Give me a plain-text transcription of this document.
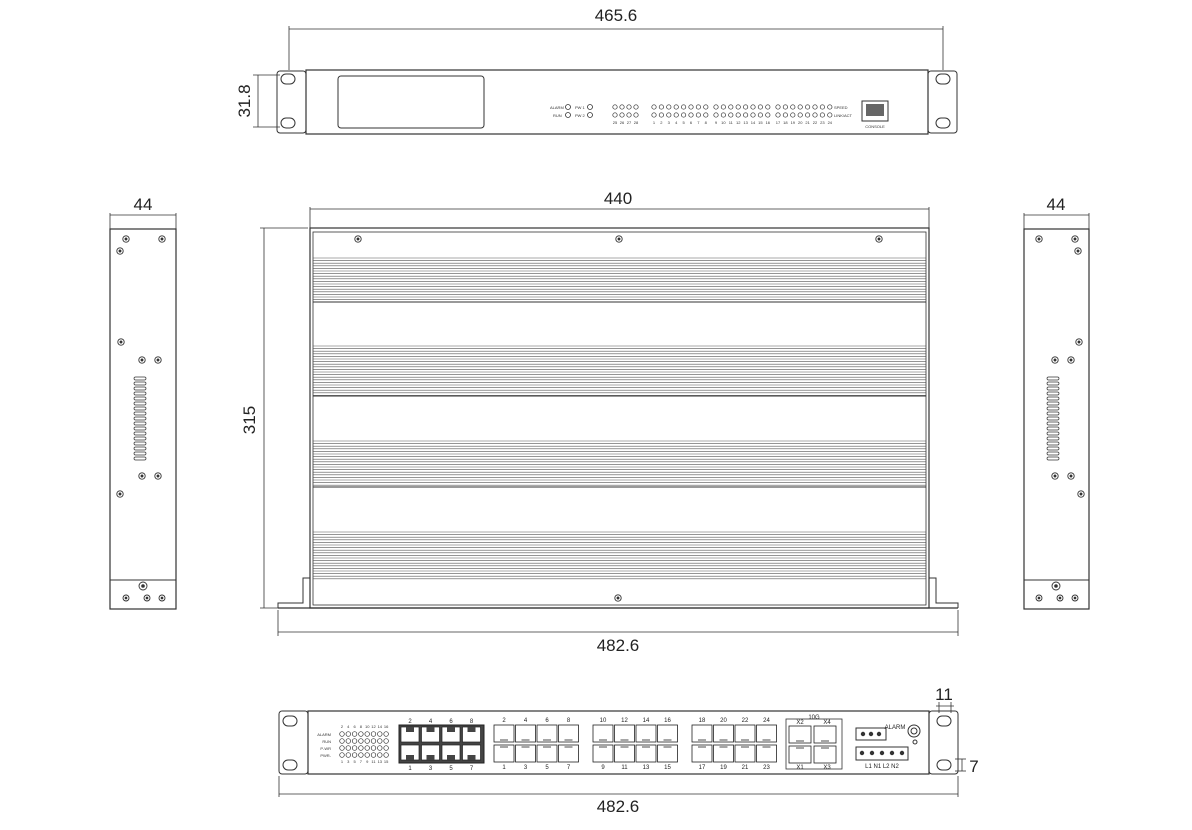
465.6
31.8	ALARM
RUN
PW 1
PW 2
SPEED
LINK/ACT
CONSOLE
25 26 27 28	1 2 3 4 5 6 7 8 9 10 11 12 13 14 15 16 17 18 19 20 21 22 23 24
44	44
440
315
482.6
482.6
11
7
10G
X2	X4
X1	X3
ALARM
L1 N1 L2 N2
ALARM
RUN
P-WR
PWR-
2 4 6 8 10 12 14 16
1 3 5 7 9 11 13 15
2	4	6	8
1	3	5	7
2	4	6	8
1	3	5	7
10 12 14 16
9	11	13 15
18 20 22 24
17 19 21 23
